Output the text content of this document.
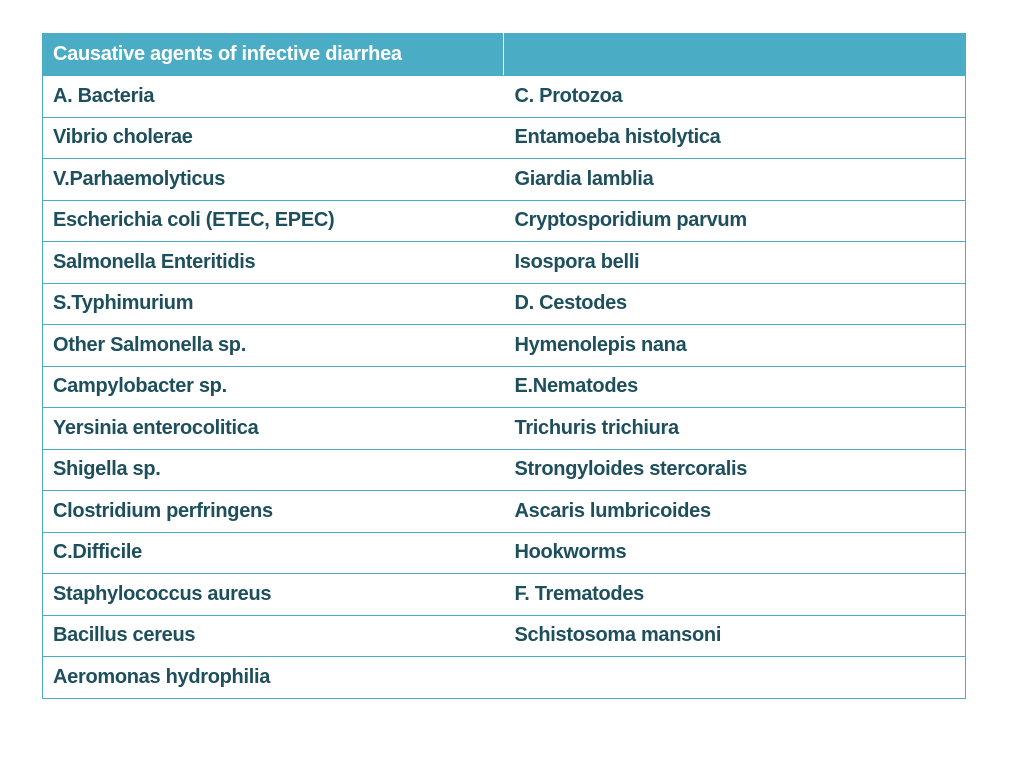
Causative agents of infective diarrhea	
A. Bacteria	C. Protozoa
Vibrio cholerae	Entamoeba histolytica
V.Parhaemolyticus	Giardia lamblia
Escherichia coli (ETEC, EPEC)	Cryptosporidium parvum
Salmonella Enteritidis	Isospora belli
S.Typhimurium	D. Cestodes
Other Salmonella sp.	Hymenolepis nana
Campylobacter sp.	E.Nematodes
Yersinia enterocolitica	Trichuris trichiura
Shigella sp.	Strongyloides stercoralis
Clostridium perfringens	Ascaris lumbricoides
C.Difficile	Hookworms
Staphylococcus aureus	F. Trematodes
Bacillus cereus	Schistosoma mansoni
Aeromonas hydrophilia	
